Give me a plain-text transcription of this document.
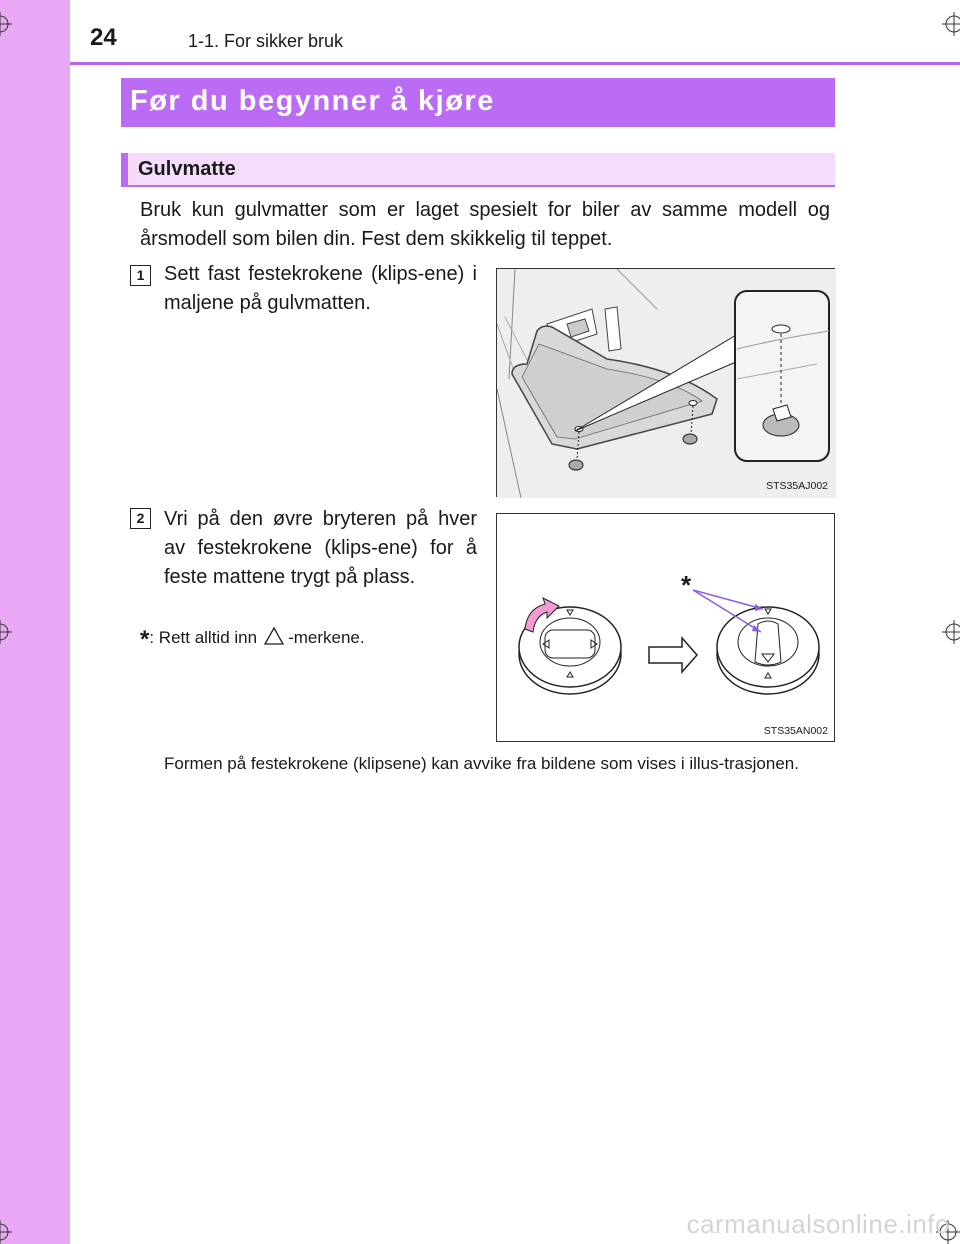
24	1-1. For sikker bruk
Før du begynner å kjøre
Gulvmatte

Bruk kun gulvmatter som er laget spesielt for biler av samme modell og årsmodell som bilen din. Fest dem skikkelig til teppet.

1 Sett fast festekrokene (klips-ene) i maljene på gulvmatten.

STS35AJ002
2 Vri på den øvre bryteren på hver av festekrokene (klips-ene) for å feste mattene trygt på plass.

*: Rett alltid inn -merkene.
*
STS35AN002

Formen på festekrokene (klipsene) kan avvike fra bildene som vises i illus-trasjonen.

carmanualsonline.info
